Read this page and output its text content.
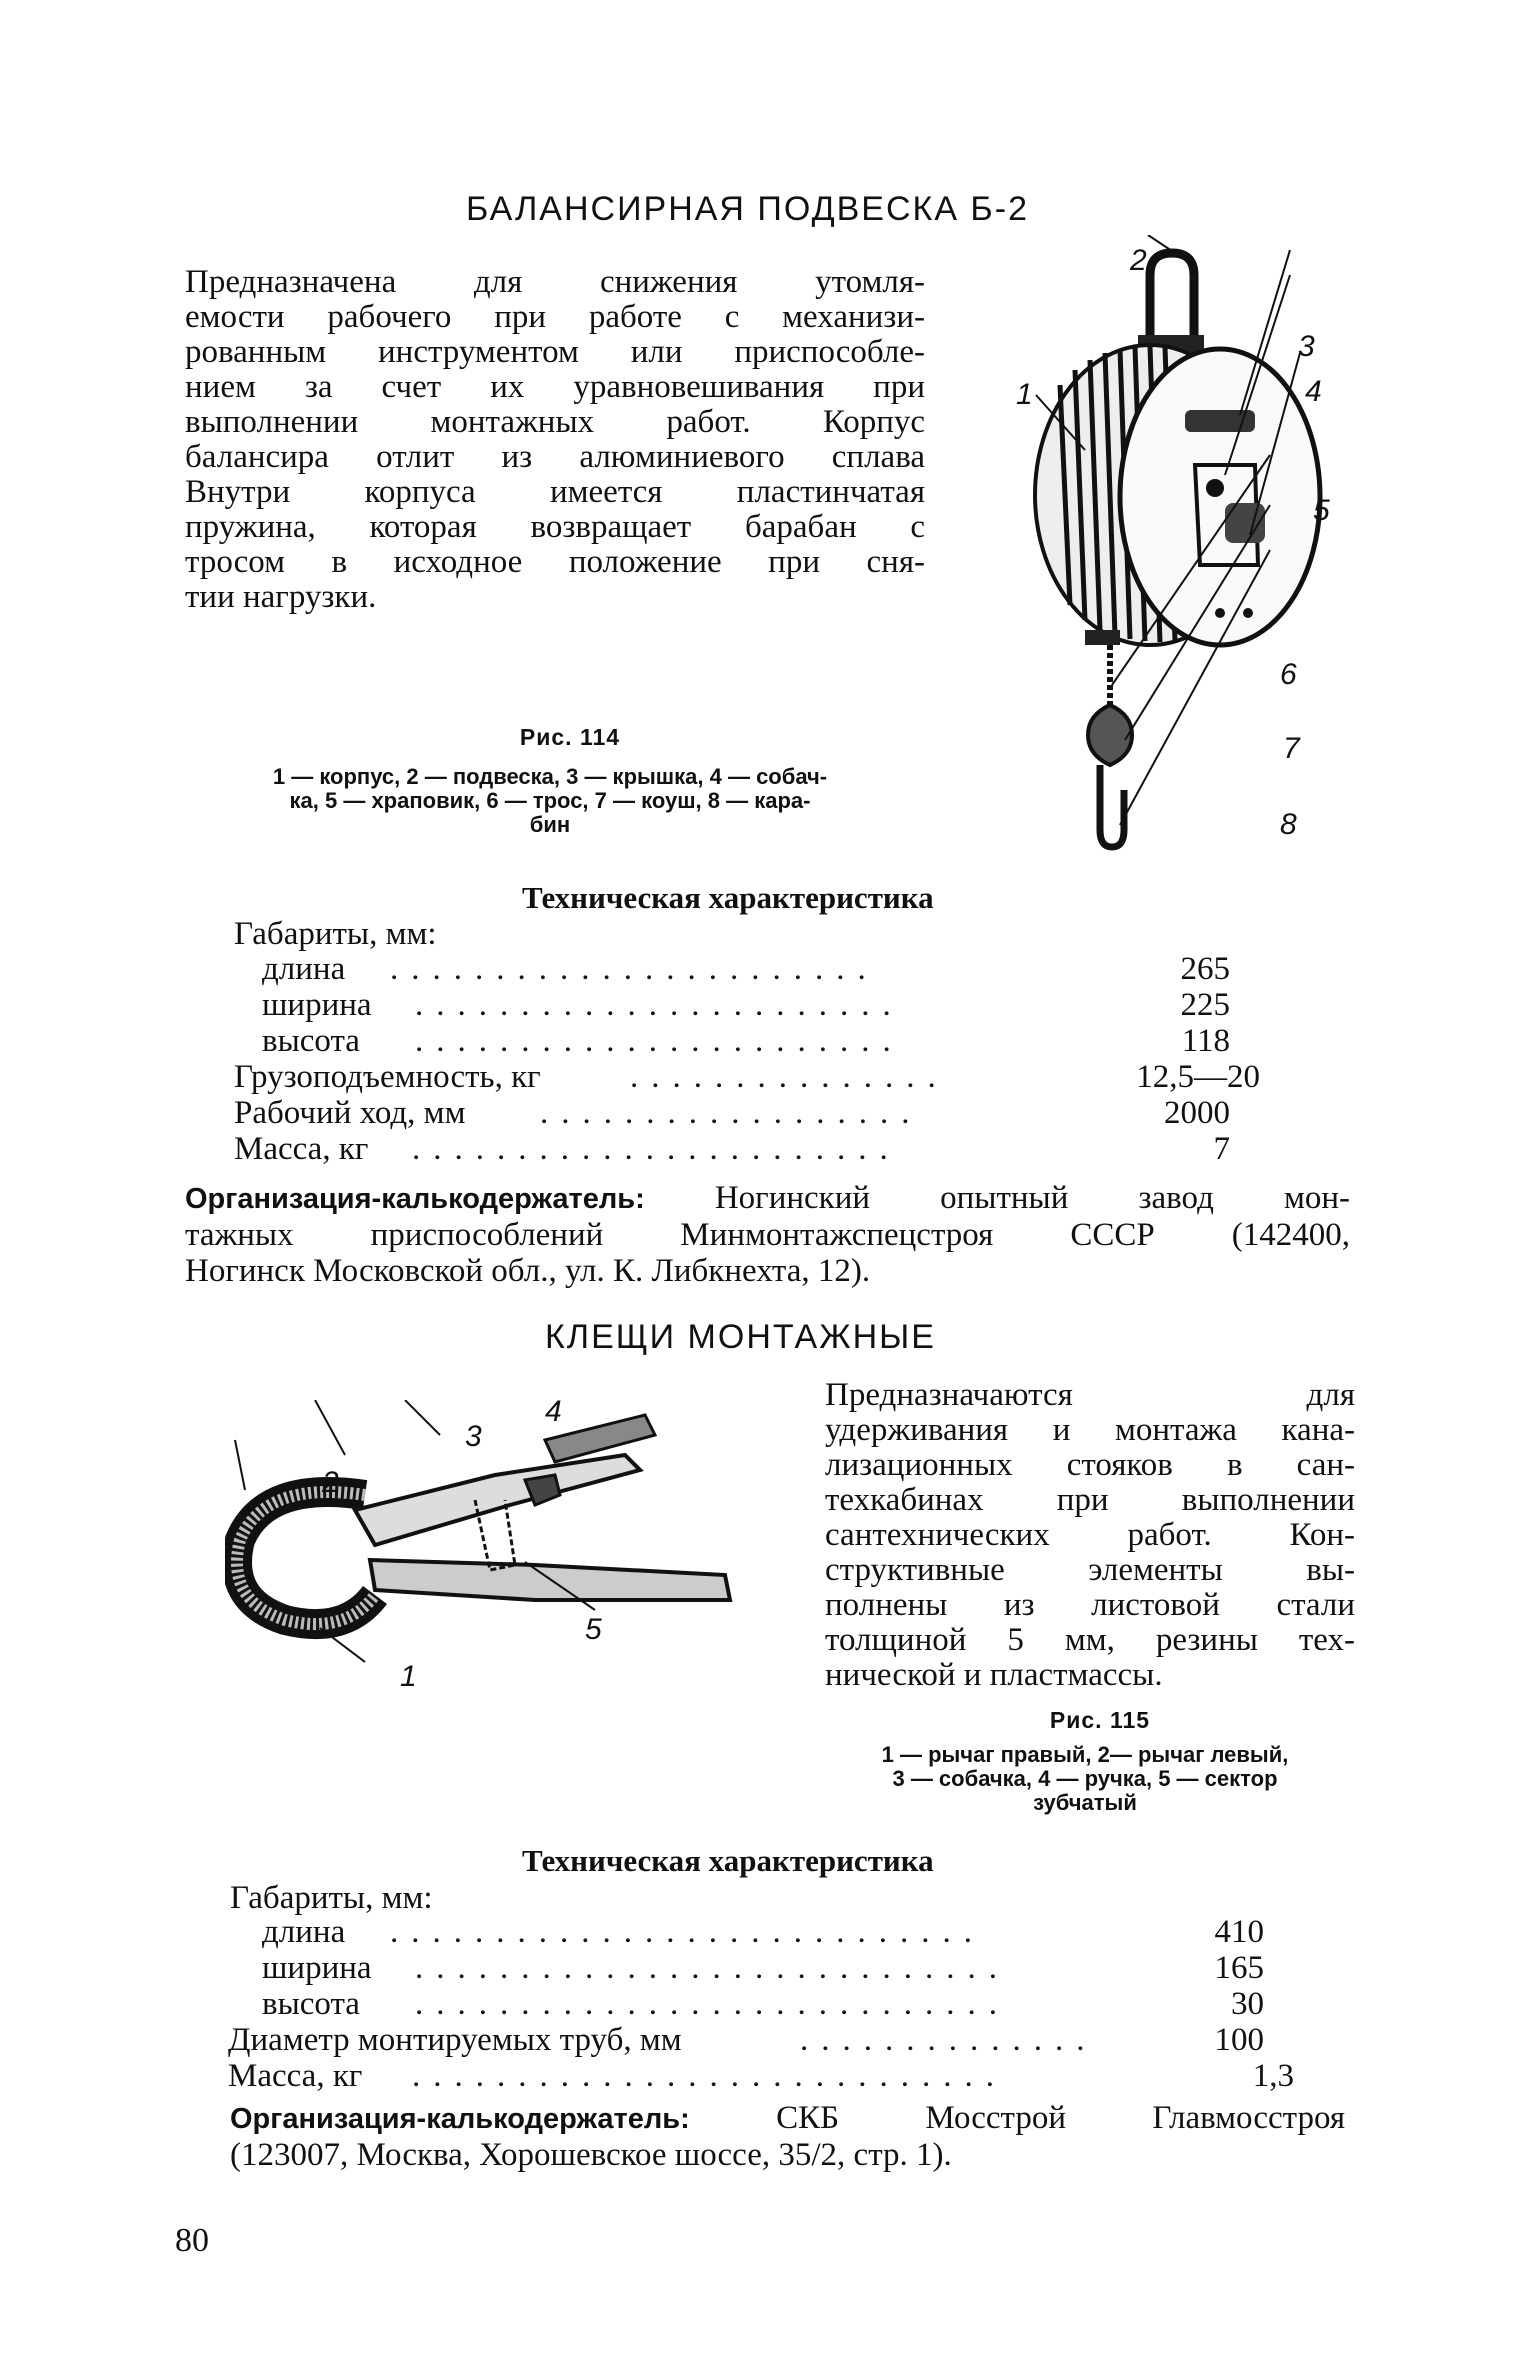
БАЛАНСИРНАЯ ПОДВЕСКА Б-2
Предназначена для снижения утомля-
емости рабочего при работе с механизи-
рованным инструментом или приспособле-
нием за счет их уравновешивания при
выполнении монтажных работ. Корпус
балансира отлит из алюминиевого сплава
Внутри корпуса имеется пластинчатая
пружина, которая возвращает барабан с
тросом в исходное положение при сня-
тии нагрузки.
1
2
3
4
5
6
7
8
Рис. 114
1 — корпус, 2 — подвеска, 3 — крышка, 4 — собач-
ка, 5 — храповик, 6 — трос, 7 — коуш, 8 — кара-
бин
Техническая характеристика
Габариты, мм:
длина .......................	265
ширина .......................	225
высота .......................	118
Грузоподъемность, кг	...............	12,5—20
Рабочий ход, мм ..................	2000
Масса, кг .......................	7
Организация-калькодержатель: Ногинский опытный завод мон-
тажных приспособлений Минмонтажспецстроя СССР (142400,
Ногинск Московской обл., ул. К. Либкнехта, 12).
КЛЕЩИ МОНТАЖНЫЕ
1
2
3
4
5
Предназначаются для
удерживания и монтажа кана-
лизационных стояков в сан-
техкабинах при выполнении
сантехнических работ. Кон-
структивные элементы вы-
полнены из листовой стали
толщиной 5 мм, резины тех-
нической и пластмассы.
Рис. 115
1 — рычаг правый, 2— рычаг левый,
3 — собачка, 4 — ручка, 5 — сектор
зубчатый
Техническая характеристика
Габариты, мм:
длина ............................	410
ширина ............................	165
высота ............................	30
Диаметр монтируемых труб, мм	..............	100
Масса, кг ............................	1,3
Организация-калькодержатель:	СКБ Мосстрой Главмосстроя
(123007, Москва, Хорошевское шоссе, 35/2, стр. 1).
80
